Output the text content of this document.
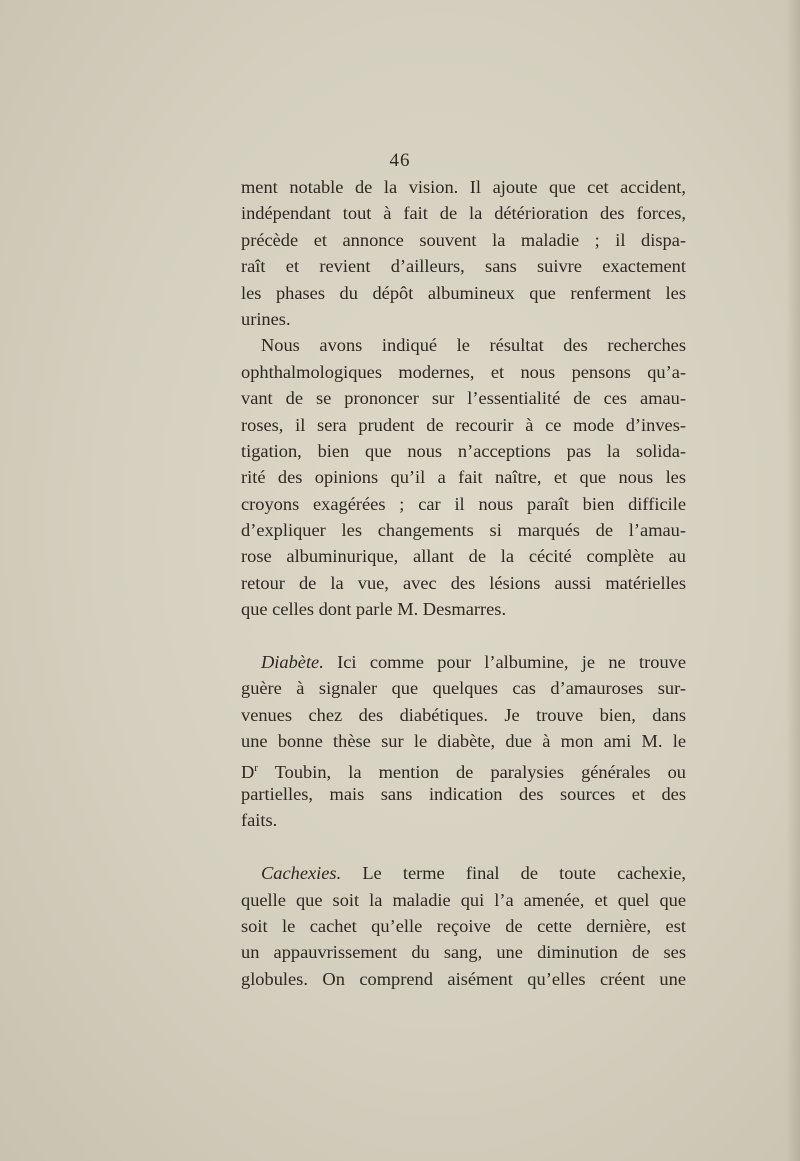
46
ment notable de la vision. Il ajoute que cet accident,
indépendant tout à fait de la détérioration des forces,
précède et annonce souvent la maladie ; il dispa-
raît et revient d’ailleurs, sans suivre exactement
les phases du dépôt albumineux que renferment les
urines.
Nous avons indiqué le résultat des recherches
ophthalmologiques modernes, et nous pensons qu’a-
vant de se prononcer sur l’essentialité de ces amau-
roses, il sera prudent de recourir à ce mode d’inves-
tigation, bien que nous n’acceptions pas la solida-
rité des opinions qu’il a fait naître, et que nous les
croyons exagérées ; car il nous paraît bien difficile
d’expliquer les changements si marqués de l’amau-
rose albuminurique, allant de la cécité complète au
retour de la vue, avec des lésions aussi matérielles
que celles dont parle M. Desmarres.
Diabète. Ici comme pour l’albumine, je ne trouve
guère à signaler que quelques cas d’amauroses sur-
venues chez des diabétiques. Je trouve bien, dans
une bonne thèse sur le diabète, due à mon ami M. le
$D^r$ Toubin, la mention de paralysies générales ou
partielles, mais sans indication des sources et des
faits.
Cachexies. Le terme final de toute cachexie,
quelle que soit la maladie qui l’a amenée, et quel que
soit le cachet qu’elle reçoive de cette dernière, est
un appauvrissement du sang, une diminution de ses
globules. On comprend aisément qu’elles créent une
